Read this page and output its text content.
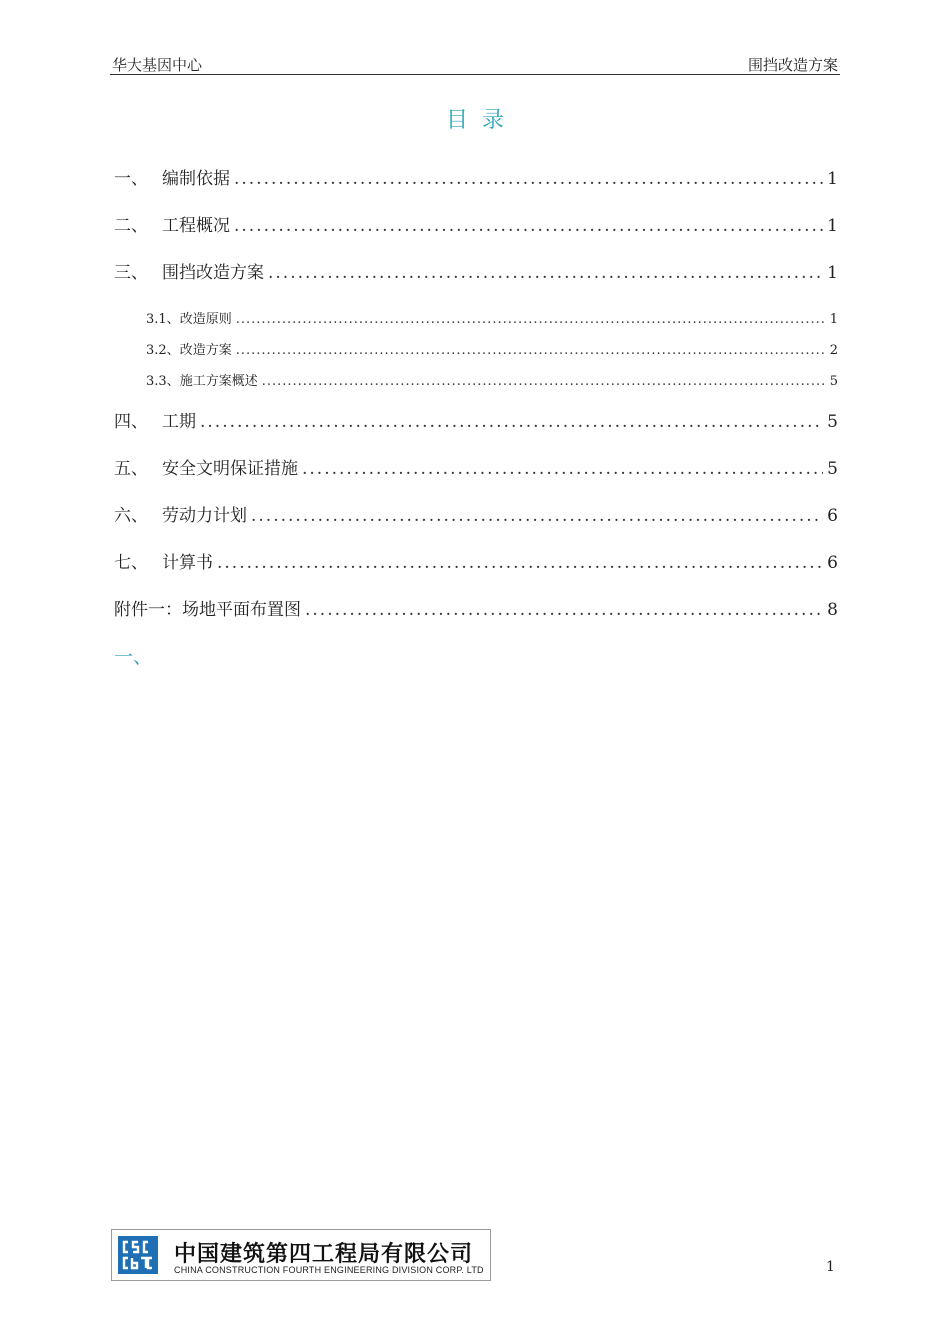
华大基因中心	围挡改造方案
目录
一、 编制依据 .....	1
二、 工程概况 .....	1
三、 围挡改造方案 .....	1
3.1、 改造原则 .....	1
3.2、 改造方案 .....	2
3.3、 施工方案概述 .....	5
四、 工期 .....	5
五、 安全文明保证措施 .....	5
六、 劳动力计划 .....	6
七、 计算书 .....	6
附件一：场地平面布置图 .....	8
一、
中国建筑第四工程局有限公司
CHINA CONSTRUCTION FOURTH ENGINEERING DIVISION CORP. LTD	1
